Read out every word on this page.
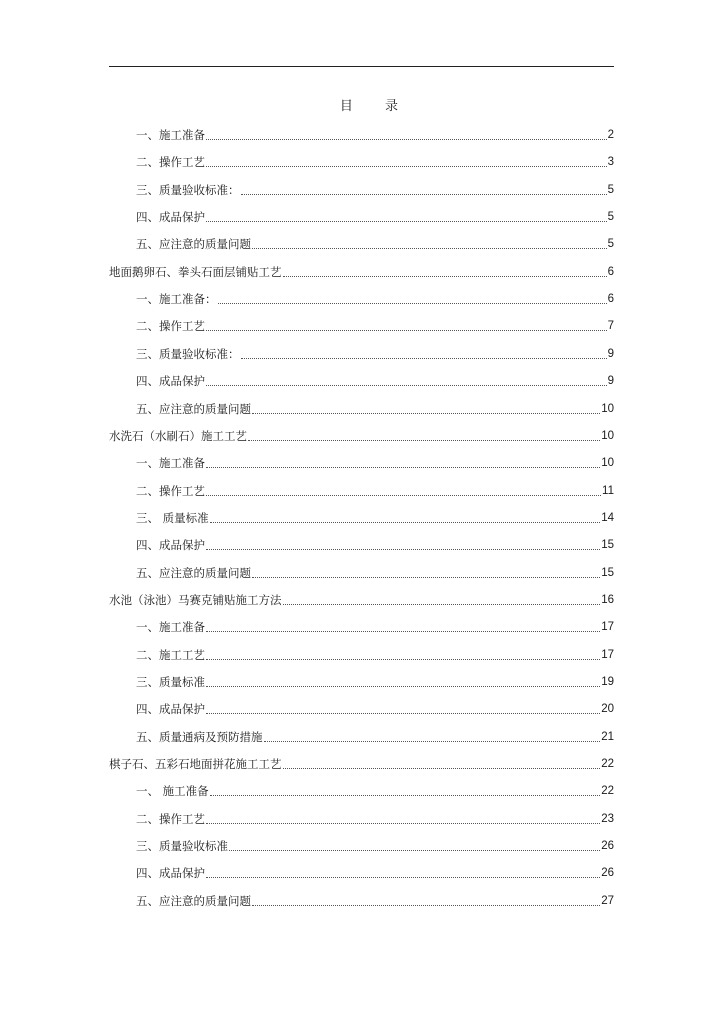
目 录
一、施工准备	2
二、操作工艺	3
三、质量验收标准：	5
四、成品保护	5
五、应注意的质量问题	5
地面鹅卵石、拳头石面层铺贴工艺	6
一、施工准备：	6
二、操作工艺	7
三、质量验收标准：	9
四、成品保护	9
五、应注意的质量问题	10
水洗石（水刷石）施工工艺	10
一、施工准备	10
二、操作工艺	11
三、 质量标准	14
四、成品保护	15
五、应注意的质量问题	15
水池（泳池）马赛克铺贴施工方法	16
一、施工准备	17
二、施工工艺	17
三、质量标准	19
四、成品保护	20
五、质量通病及预防措施	21
棋子石、五彩石地面拼花施工工艺	22
一、 施工准备	22
二、操作工艺	23
三、质量验收标准	26
四、成品保护	26
五、应注意的质量问题	27
